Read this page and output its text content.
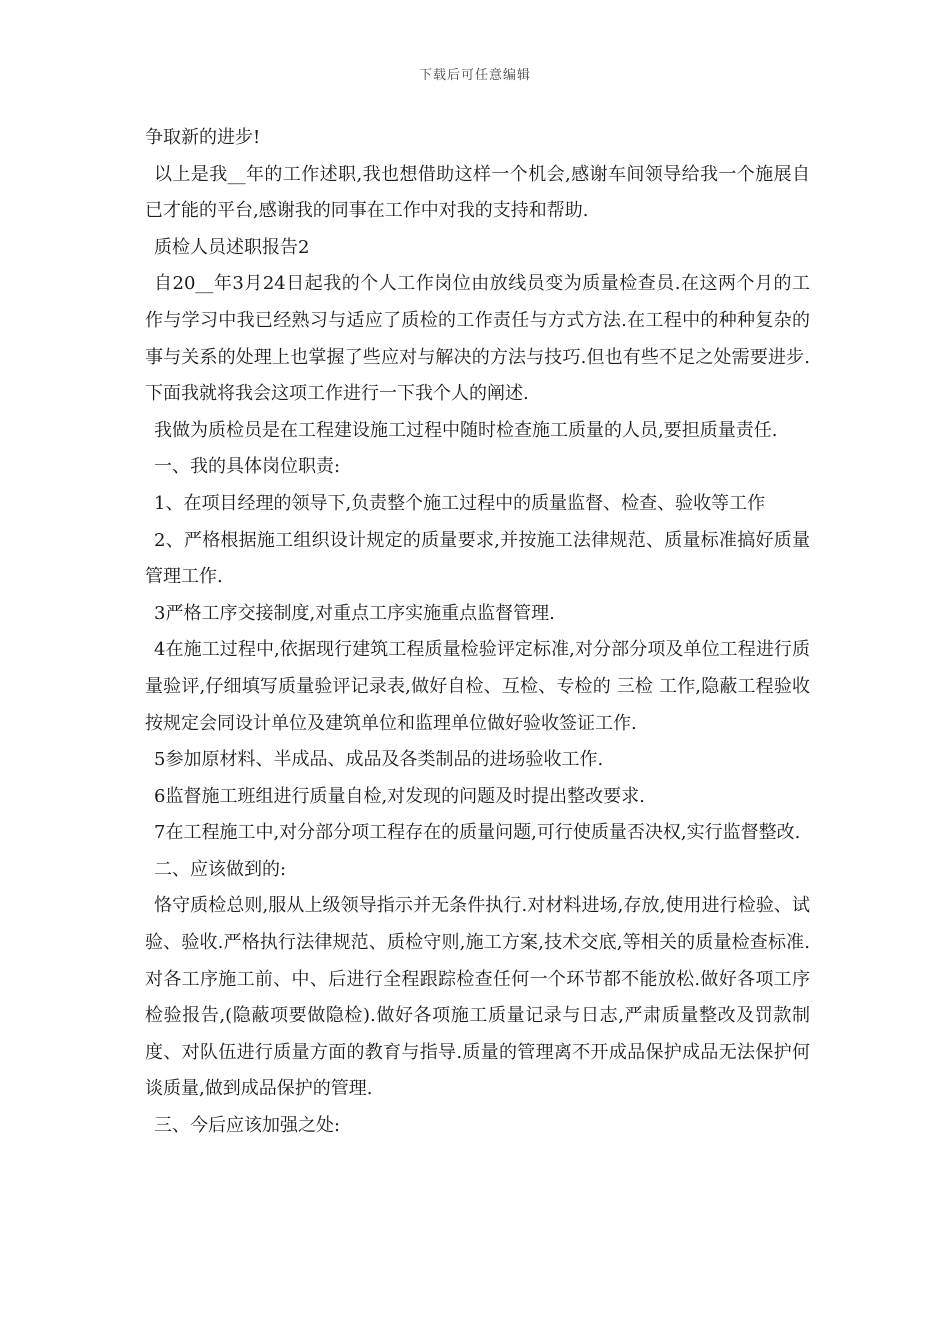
下载后可任意编辑

争取新的进步!

以上是我__年的工作述职,我也想借助这样一个机会,感谢车间领导给我一个施展自已才能的平台,感谢我的同事在工作中对我的支持和帮助.

质检人员述职报告2

自20__年3月24日起我的个人工作岗位由放线员变为质量检查员.在这两个月的工作与学习中我已经熟习与适应了质检的工作责任与方式方法.在工程中的种种复杂的事与关系的处理上也掌握了些应对与解决的方法与技巧.但也有些不足之处需要进步.下面我就将我会这项工作进行一下我个人的阐述.

我做为质检员是在工程建设施工过程中随时检查施工质量的人员,要担质量责任.

一、我的具体岗位职责:

1、在项目经理的领导下,负责整个施工过程中的质量监督、检查、验收等工作

2、严格根据施工组织设计规定的质量要求,并按施工法律规范、质量标准搞好质量管理工作.

3严格工序交接制度,对重点工序实施重点监督管理.

4在施工过程中,依据现行建筑工程质量检验评定标准,对分部分项及单位工程进行质量验评,仔细填写质量验评记录表,做好自检、互检、专检的 三检 工作,隐蔽工程验收按规定会同设计单位及建筑单位和监理单位做好验收签证工作.

5参加原材料、半成品、成品及各类制品的进场验收工作.

6监督施工班组进行质量自检,对发现的问题及时提出整改要求.

7在工程施工中,对分部分项工程存在的质量问题,可行使质量否决权,实行监督整改.

二、应该做到的:

恪守质检总则,服从上级领导指示并无条件执行.对材料进场,存放,使用进行检验、试验、验收.严格执行法律规范、质检守则,施工方案,技术交底,等相关的质量检查标准.对各工序施工前、中、后进行全程跟踪检查任何一个环节都不能放松.做好各项工序检验报告,(隐蔽项要做隐检).做好各项施工质量记录与日志,严肃质量整改及罚款制度、对队伍进行质量方面的教育与指导.质量的管理离不开成品保护成品无法保护何谈质量,做到成品保护的管理.

三、今后应该加强之处:
